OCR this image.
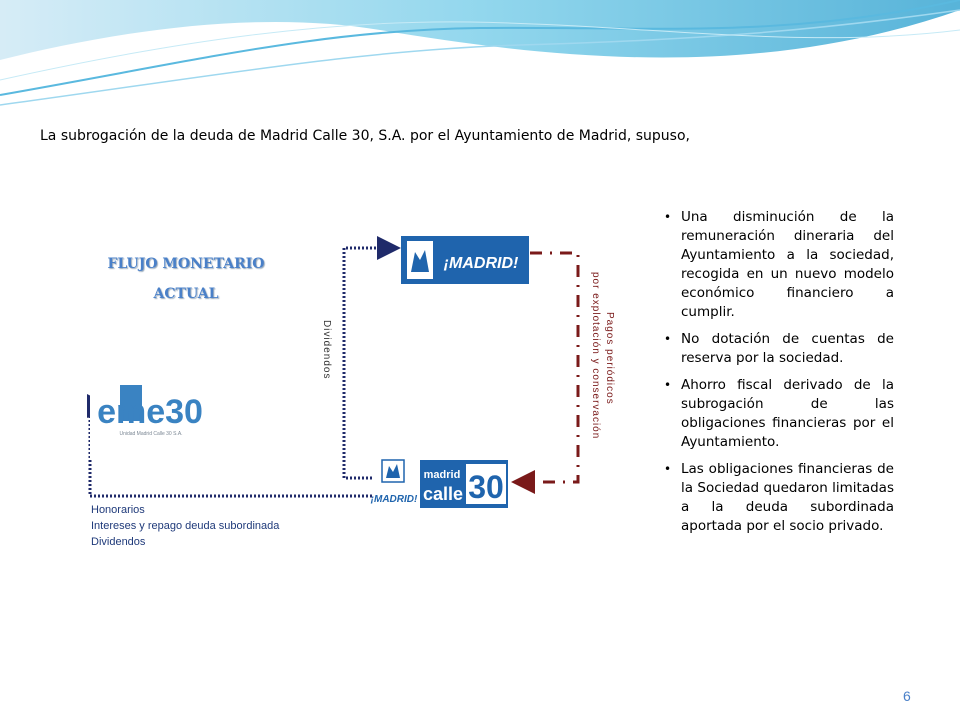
La subrogación de la deuda de Madrid Calle 30, S.A. por el Ayuntamiento de Madrid, supuso,
FLUJO MONETARIO
ACTUAL
¡MADRID!
eme30
Unidad Madrid Calle 30 S.A.
¡MADRID!
madrid
calle 30
Dividendos	Pagos periódicos
por explotación y conservación
Honorarios
Intereses y repago deuda subordinada
Dividendos
• Una disminución de la remuneración dineraria del Ayuntamiento a la sociedad, recogida en un nuevo modelo económico financiero a cumplir.
• No dotación de cuentas de reserva por la sociedad.
• Ahorro fiscal derivado de la subrogación de las obligaciones financieras por el Ayuntamiento.
• Las obligaciones financieras de la Sociedad quedaron limitadas a la deuda subordinada aportada por el socio privado.
6
